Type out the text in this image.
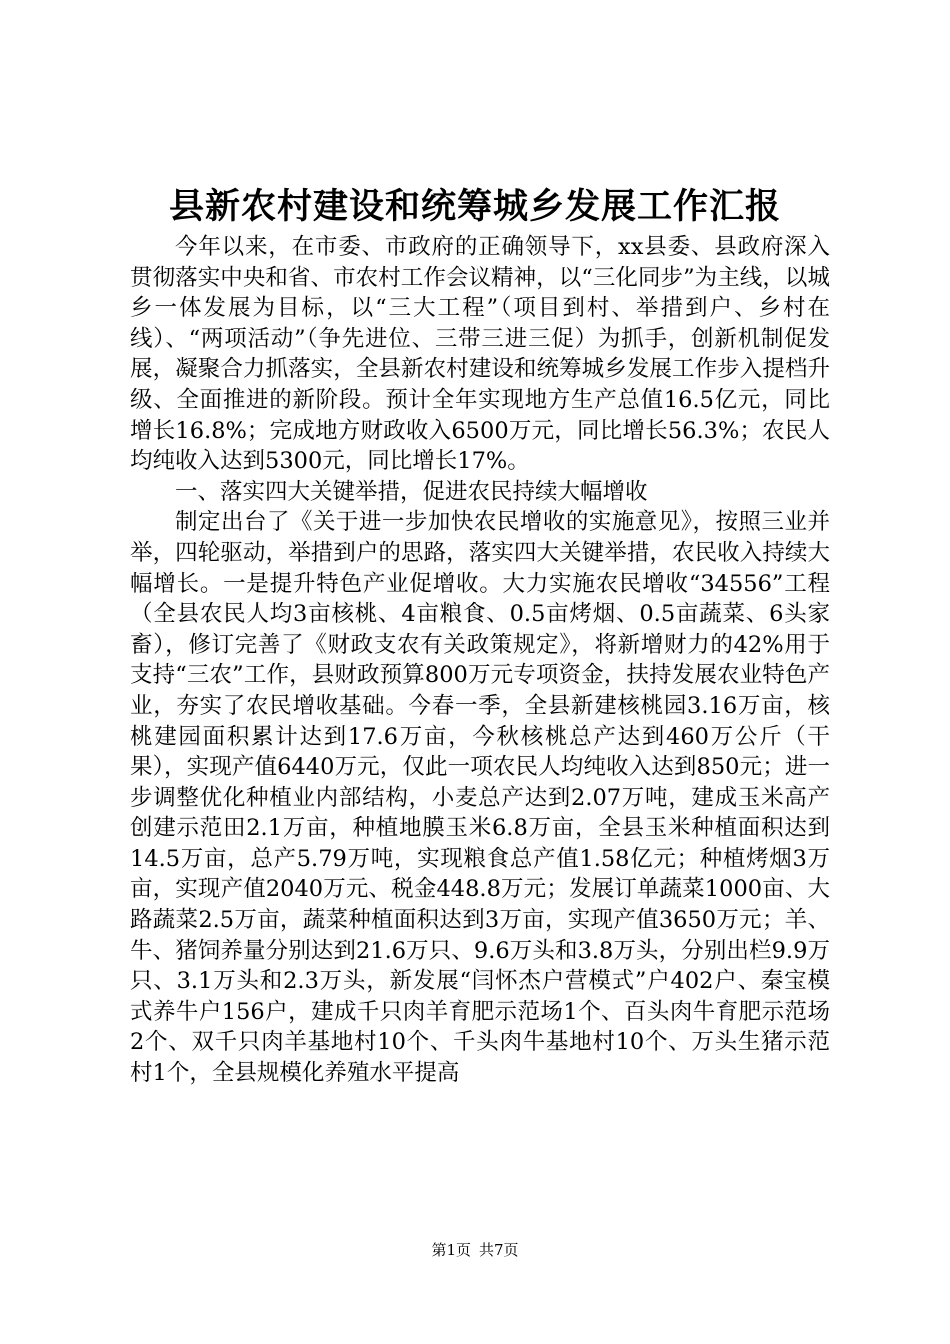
县新农村建设和统筹城乡发展工作汇报

今年以来，在市委、市政府的正确领导下，xx县委、县政府深入贯彻落实中央和省、市农村工作会议精神，以“三化同步”为主线，以城乡一体发展为目标，以“三大工程”（项目到村、举措到户、乡村在线）、“两项活动”（争先进位、三带三进三促）为抓手，创新机制促发展，凝聚合力抓落实，全县新农村建设和统筹城乡发展工作步入提档升级、全面推进的新阶段。预计全年实现地方生产总值16.5亿元，同比增长16.8%；完成地方财政收入6500万元，同比增长56.3%；农民人均纯收入达到5300元，同比增长17%。

一、落实四大关键举措，促进农民持续大幅增收

制定出台了《关于进一步加快农民增收的实施意见》，按照三业并举，四轮驱动，举措到户的思路，落实四大关键举措，农民收入持续大幅增长。一是提升特色产业促增收。大力实施农民增收“34556”工程（全县农民人均3亩核桃、4亩粮食、0.5亩烤烟、0.5亩蔬菜、6头家畜），修订完善了《财政支农有关政策规定》，将新增财力的42%用于支持“三农”工作，县财政预算800万元专项资金，扶持发展农业特色产业，夯实了农民增收基础。今春一季，全县新建核桃园3.16万亩，核桃建园面积累计达到17.6万亩，今秋核桃总产达到460万公斤（干果），实现产值6440万元，仅此一项农民人均纯收入达到850元；进一步调整优化种植业内部结构，小麦总产达到2.07万吨，建成玉米高产创建示范田2.1万亩，种植地膜玉米6.8万亩，全县玉米种植面积达到14.5万亩，总产5.79万吨，实现粮食总产值1.58亿元；种植烤烟3万亩，实现产值2040万元、税金448.8万元；发展订单蔬菜1000亩、大路蔬菜2.5万亩，蔬菜种植面积达到3万亩，实现产值3650万元；羊、牛、猪饲养量分别达到21.6万只、9.6万头和3.8万头，分别出栏9.9万只、3.1万头和2.3万头，新发展“闫怀杰户营模式”户402户、秦宝模式养牛户156户，建成千只肉羊育肥示范场1个、百头肉牛育肥示范场2个、双千只肉羊基地村10个、千头肉牛基地村10个、万头生猪示范村1个，全县规模化养殖水平提高

第1页 共7页
